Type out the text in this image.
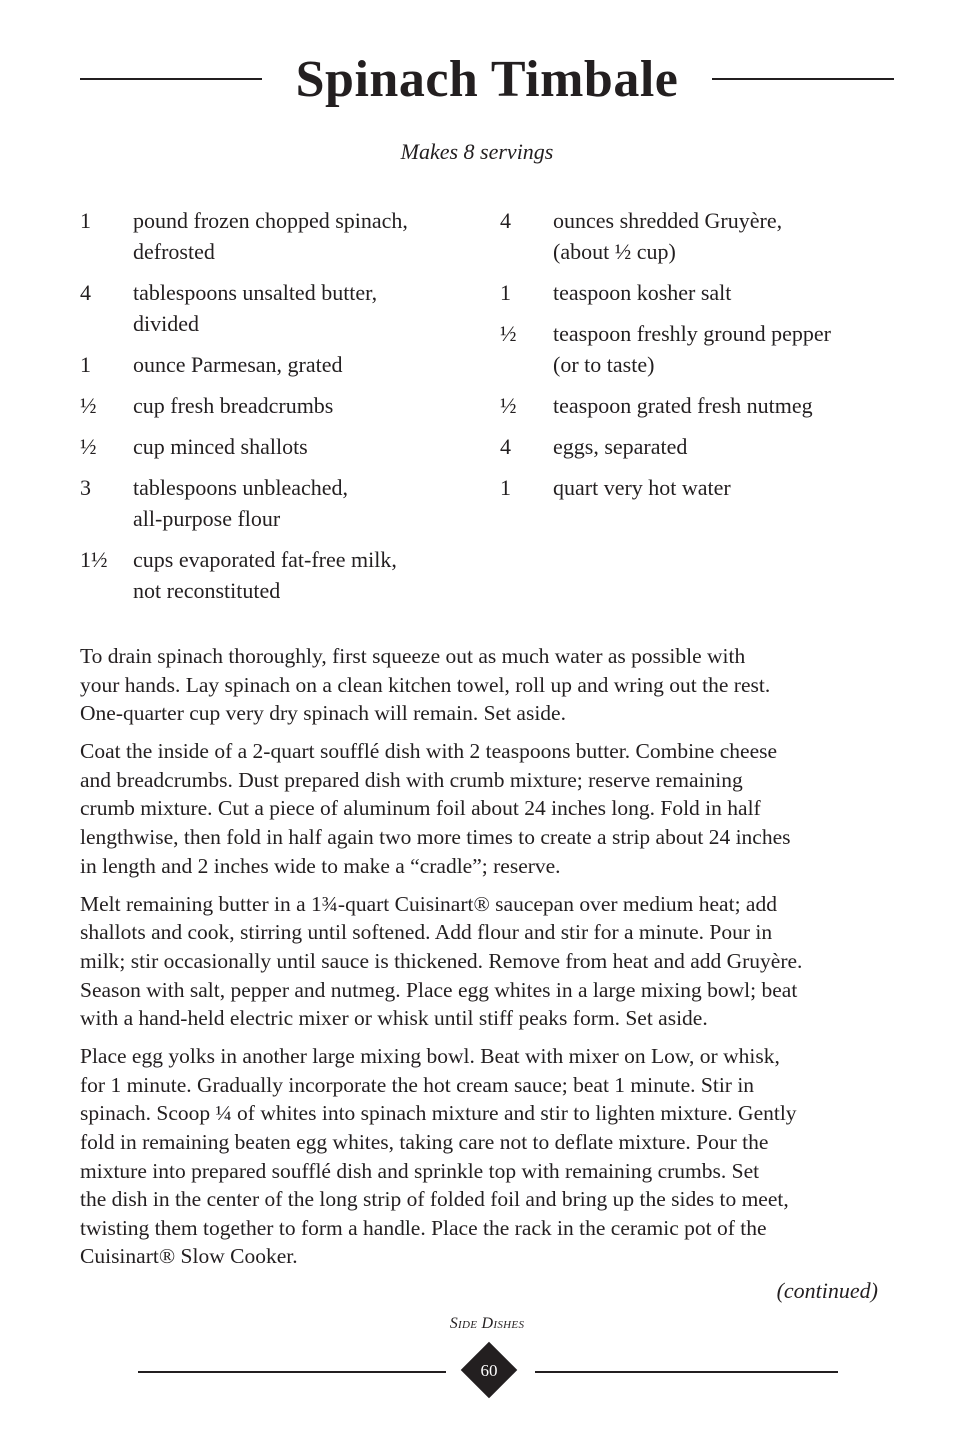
Spinach Timbale
Makes 8 servings
1	pound frozen chopped spinach,
defrosted
4	tablespoons unsalted butter,
divided
1	ounce Parmesan, grated
½	cup fresh breadcrumbs
½	cup minced shallots
3	tablespoons unbleached,
all-purpose flour
1½	cups evaporated fat-free milk,
not reconstituted
4	ounces shredded Gruyère,
(about ½ cup)
1	teaspoon kosher salt
½	teaspoon freshly ground pepper
(or to taste)
½	teaspoon grated fresh nutmeg
4	eggs, separated
1	quart very hot water

To drain spinach thoroughly, first squeeze out as much water as possible with
your hands. Lay spinach on a clean kitchen towel, roll up and wring out the rest.
One-quarter cup very dry spinach will remain. Set aside.

Coat the inside of a 2-quart soufflé dish with 2 teaspoons butter. Combine cheese
and breadcrumbs. Dust prepared dish with crumb mixture; reserve remaining
crumb mixture. Cut a piece of aluminum foil about 24 inches long. Fold in half
lengthwise, then fold in half again two more times to create a strip about 24 inches
in length and 2 inches wide to make a “cradle”; reserve.

Melt remaining butter in a 1¾-quart Cuisinart® saucepan over medium heat; add
shallots and cook, stirring until softened. Add flour and stir for a minute. Pour in
milk; stir occasionally until sauce is thickened. Remove from heat and add Gruyère.
Season with salt, pepper and nutmeg. Place egg whites in a large mixing bowl; beat
with a hand-held electric mixer or whisk until stiff peaks form. Set aside.

Place egg yolks in another large mixing bowl. Beat with mixer on Low, or whisk,
for 1 minute. Gradually incorporate the hot cream sauce; beat 1 minute. Stir in
spinach. Scoop ¼ of whites into spinach mixture and stir to lighten mixture. Gently
fold in remaining beaten egg whites, taking care not to deflate mixture. Pour the
mixture into prepared soufflé dish and sprinkle top with remaining crumbs. Set
the dish in the center of the long strip of folded foil and bring up the sides to meet,
twisting them together to form a handle. Place the rack in the ceramic pot of the
Cuisinart® Slow Cooker.

(continued)
Side Dishes
60
